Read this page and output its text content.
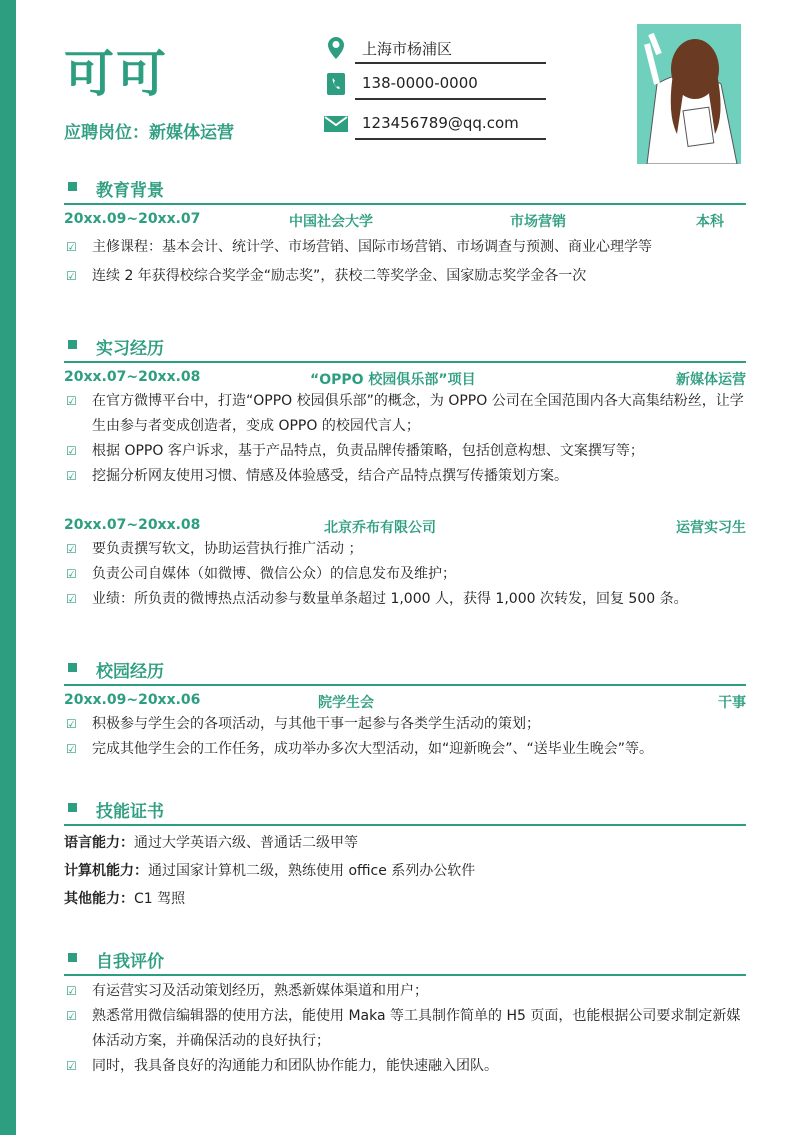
可可
应聘岗位：新媒体运营
上海市杨浦区
138-0000-0000
123456789@qq.com
教育背景
20xx.09~20xx.07	中国社会大学	市场营销	本科
☑ 主修课程：基本会计、统计学、市场营销、国际市场营销、市场调查与预测、商业心理学等
☑ 连续 2 年获得校综合奖学金“励志奖”，获校二等奖学金、国家励志奖学金各一次
实习经历
20xx.07~20xx.08	“OPPO 校园俱乐部”项目	新媒体运营
☑ 在官方微博平台中，打造“OPPO 校园俱乐部”的概念，为 OPPO 公司在全国范围内各大高集结粉丝，让学生由参与者变成创造者，变成 OPPO 的校园代言人；
☑ 根据 OPPO 客户诉求，基于产品特点，负责品牌传播策略，包括创意构想、文案撰写等；
☑ 挖掘分析网友使用习惯、情感及体验感受，结合产品特点撰写传播策划方案。
20xx.07~20xx.08	北京乔布有限公司	运营实习生
☑ 要负责撰写软文，协助运营执行推广活动 ；
☑ 负责公司自媒体（如微博、微信公众）的信息发布及维护；
☑ 业绩：所负责的微博热点活动参与数量单条超过 1,000 人，获得 1,000 次转发，回复 500 条。
校园经历
20xx.09~20xx.06	院学生会	干事
☑ 积极参与学生会的各项活动，与其他干事一起参与各类学生活动的策划；
☑ 完成其他学生会的工作任务，成功举办多次大型活动，如“迎新晚会”、“送毕业生晚会”等。
技能证书
语言能力：通过大学英语六级、普通话二级甲等
计算机能力：通过国家计算机二级，熟练使用 office 系列办公软件
其他能力：C1 驾照
自我评价
☑ 有运营实习及活动策划经历，熟悉新媒体渠道和用户；
☑ 熟悉常用微信编辑器的使用方法，能使用 Maka 等工具制作简单的 H5 页面，也能根据公司要求制定新媒体活动方案，并确保活动的良好执行；
☑ 同时，我具备良好的沟通能力和团队协作能力，能快速融入团队。
